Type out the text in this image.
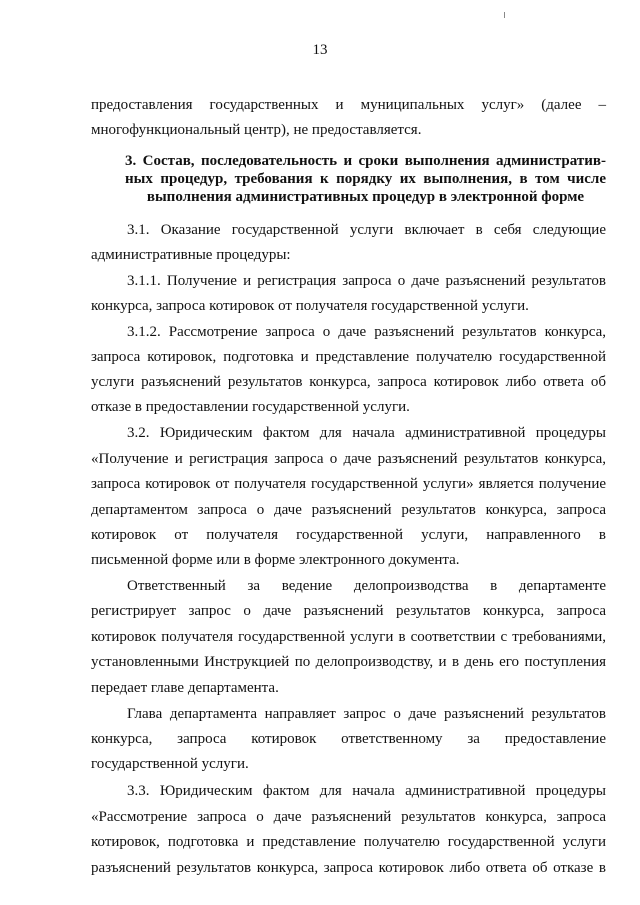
13
предоставления государственных и муниципальных услуг» (далее –
многофункциональный центр), не предоставляется.
3. Состав, последовательность и сроки выполнения административ-
ных процедур, требования к порядку их выполнения, в том числе
выполнения административных процедур в электронной форме
3.1. Оказание государственной услуги включает в себя следующие
административные процедуры:
3.1.1. Получение и регистрация запроса о даче разъяснений результатов
конкурса, запроса котировок от получателя государственной услуги.
3.1.2. Рассмотрение запроса о даче разъяснений результатов конкурса,
запроса котировок, подготовка и представление получателю государственной
услуги разъяснений результатов конкурса, запроса котировок либо ответа об
отказе в предоставлении государственной услуги.
3.2. Юридическим фактом для начала административной процедуры
«Получение и регистрация запроса о даче разъяснений результатов конкурса,
запроса котировок от получателя государственной услуги» является получение
департаментом запроса о даче разъяснений результатов конкурса, запроса
котировок от получателя государственной услуги, направленного в
письменной форме или в форме электронного документа.
Ответственный за ведение делопроизводства в департаменте
регистрирует запрос о даче разъяснений результатов конкурса, запроса
котировок получателя государственной услуги в соответствии с требованиями,
установленными Инструкцией по делопроизводству, и в день его поступления
передает главе департамента.
Глава департамента направляет запрос о даче разъяснений результатов
конкурса, запроса котировок ответственному за предоставление
государственной услуги.
3.3. Юридическим фактом для начала административной процедуры
«Рассмотрение запроса о даче разъяснений результатов конкурса, запроса
котировок, подготовка и представление получателю государственной услуги
разъяснений результатов конкурса, запроса котировок либо ответа об отказе в
